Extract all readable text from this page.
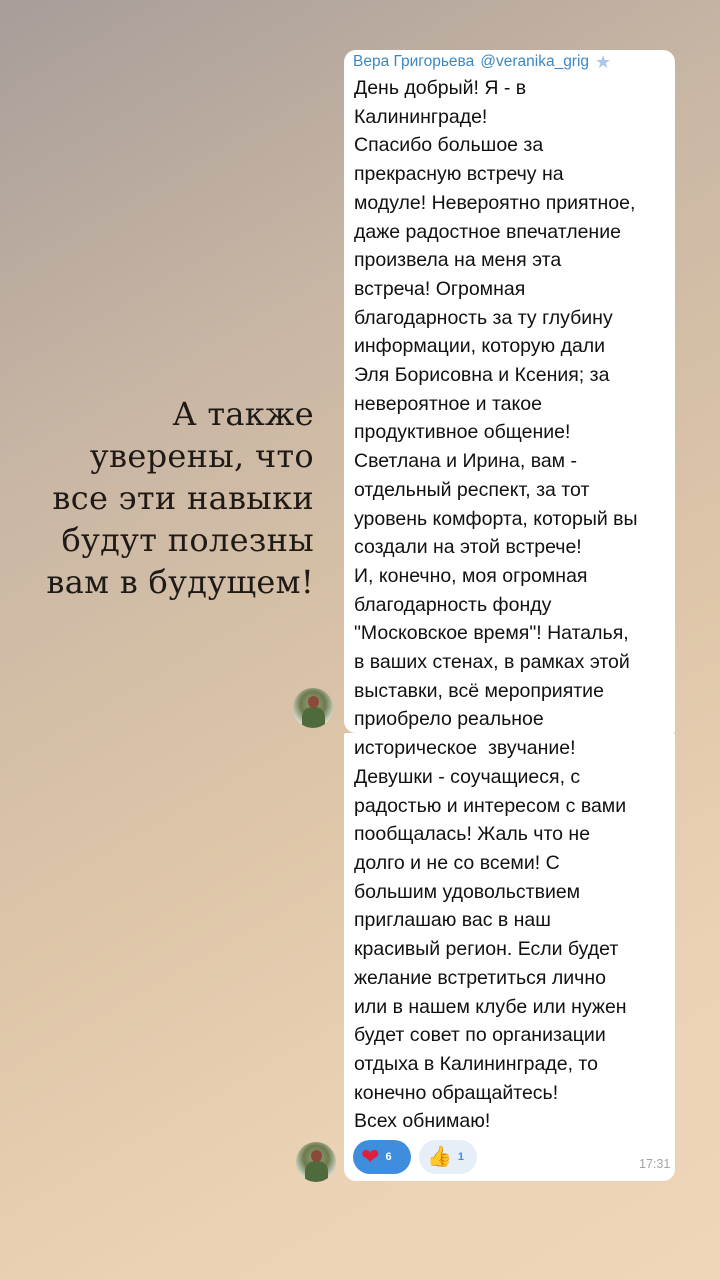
А также
уверены, что
все эти навыки
будут полезны
вам в будущем!
Вера Григорьева @veranika_grig ★
День добрый! Я - в
Калининграде!
Спасибо большое за
прекрасную встречу на
модуле! Невероятно приятное,
даже радостное впечатление
произвела на меня эта
встреча! Огромная
благодарность за ту глубину
информации, которую дали
Эля Борисовна и Ксения; за
невероятное и такое
продуктивное общение!
Светлана и Ирина, вам -
отдельный респект, за тот
уровень комфорта, который вы
создали на этой встрече!
И, конечно, моя огромная
благодарность фонду
"Московское время"! Наталья,
в ваших стенах, в рамках этой
выставки, всё мероприятие
приобрело реальное
историческое  звучание!
Девушки - соучащиеся, с
радостью и интересом с вами
пообщалась! Жаль что не
долго и не со всеми! С
большим удовольствием
приглашаю вас в наш
красивый регион. Если будет
желание встретиться лично
или в нашем клубе или нужен
будет совет по организации
отдыха в Калининграде, то
конечно обращайтесь!
Всех обнимаю!
❤ 6 👍 1	17:31
